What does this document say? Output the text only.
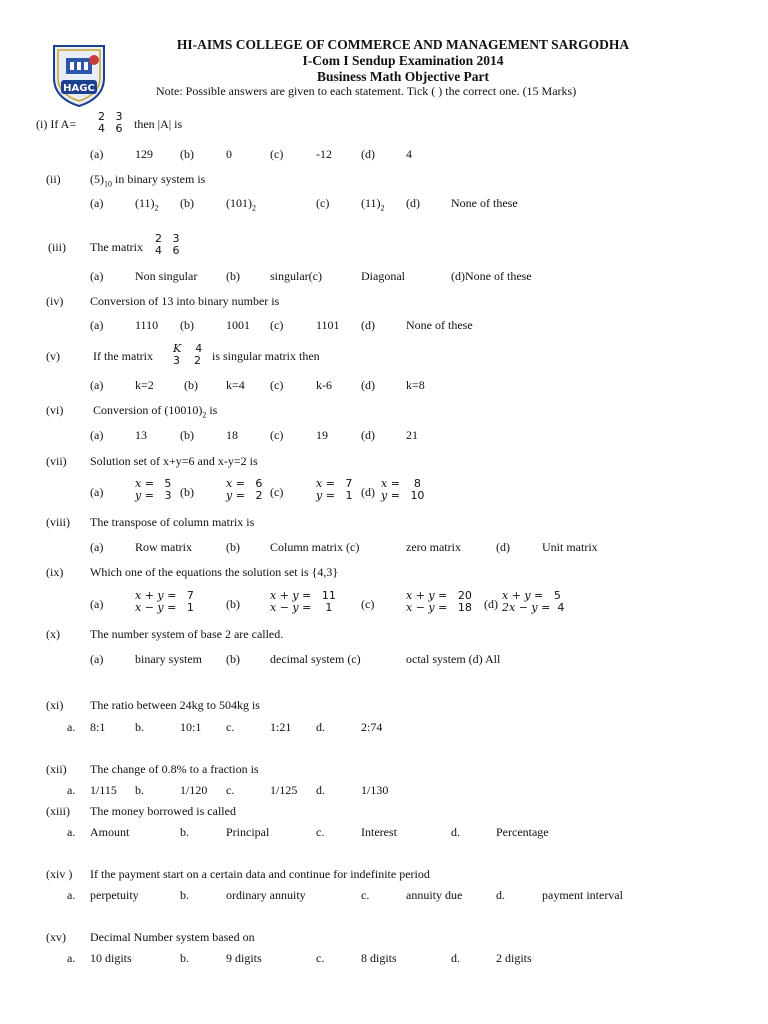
HAGC
HI-AIMS COLLEGE OF COMMERCE AND MANAGEMENT SARGODHA
I-Com I Sendup Examination 2014
Business Math Objective Part
Note: Possible answers are given to each statement. Tick ( ) the correct one. (15 Marks)
(i) If A=
2 3
4 6 then |A| is
(a)	129 (b)	0	(c)	-12 (d)	4
(ii) $(5)_{10}$ in binary system is
(a)	$(11)_2$ (b)	$(101)_2$	(c)	$(11)_2$ (d)	None of these
(iii) The matrix
2 3
4 6
(a)	Non singular (b)	singular(c)	Diagonal	(d)None of these
(iv) Conversion of 13 into binary number is
(a)	1110 (b)	1001 (c)	1101 (d)	None of these
(v)	If the matrix
K 4
3 2 is singular matrix then
(a)	k=2	(b) k=4 (c)	k-6 (d)	k=8
(vi) Conversion of $(10010)_2$ is
(a)	13	(b)	18	(c)	19	(d)	21
(vii) Solution set of x+y=6 and x-y=2 is
(a)
x = 5
y = 3 (b)
x = 6
y = 2 (c)
x = 7
y = 1 (d)
x = 8
y = 10
(viii) The transpose of column matrix is
(a)	Row matrix	(b)	Column matrix (c)	zero matrix	(d)	Unit matrix
(ix) Which one of the equations the solution set is {4,3}
(a)
x + y = 7
x − y = 1	(b)
x + y = 11
x − y = 1 (c)
x + y = 20
x − y = 18 (d)
x + y = 5
2x − y = 4
(x)	The number system of base 2 are called.
(a)	binary system (b)	decimal system (c)	octal system (d) All
(xi) The ratio between 24kg to 504kg is
a. 8:1 b.	10:1 c.	1:21 d.	2:74
(xii) The change of 0.8% to a fraction is
a. 1/115 b.	1/120 c.	1/125 d.	1/130
(xiii) The money borrowed is called
a. Amount	b.	Principal	c.	Interest	d.	Percentage
(xiv ) If the payment start on a certain data and continue for indefinite period
a. perpetuity	b.	ordinary annuity	c.	annuity due	d.	payment interval
(xv) Decimal Number system based on
a. 10 digits	b.	9 digits	c.	8 digits	d.	2 digits
